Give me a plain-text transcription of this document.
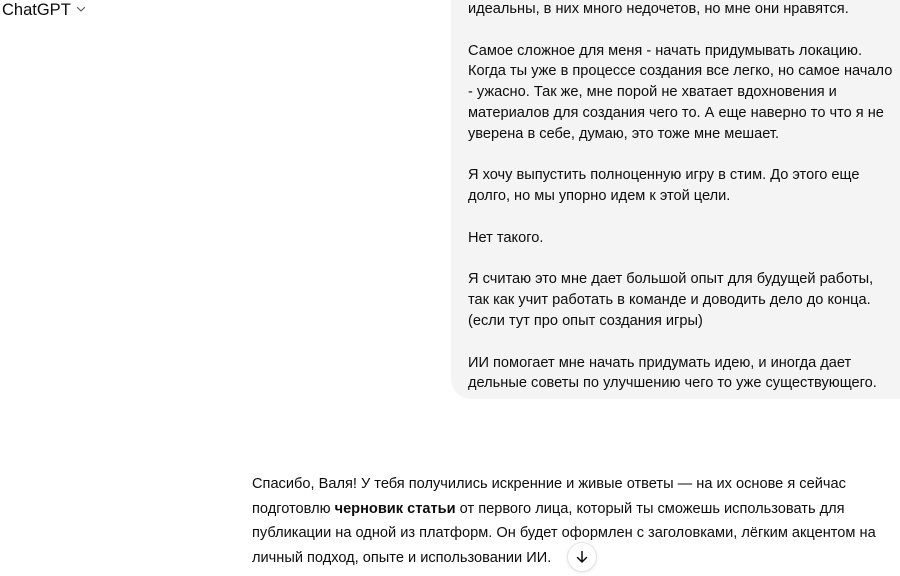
ChatGPT	идеальны, в них много недочетов, но мне они нравятся.

Самое сложное для меня - начать придумывать локацию. Когда ты уже в процессе создания все легко, но самое начало - ужасно. Так же, мне порой не хватает вдохновения и материалов для создания чего то. А еще наверно то что я не уверена в себе, думаю, это тоже мне мешает.

Я хочу выпустить полноценную игру в стим. До этого еще долго, но мы упорно идем к этой цели.

Нет такого.

Я считаю это мне дает большой опыт для будущей работы, так как учит работать в команде и доводить дело до конца. (если тут про опыт создания игры)

ИИ помогает мне начать придумать идею, и иногда дает дельные советы по улучшению чего то уже существующего.

Спасибо, Валя! У тебя получились искренние и живые ответы — на их основе я сейчас подготовлю черновик статьи от первого лица, который ты сможешь использовать для публикации на одной из платформ. Он будет оформлен с заголовками, лёгким акцентом на личный подход, опыте и использовании ИИ.
